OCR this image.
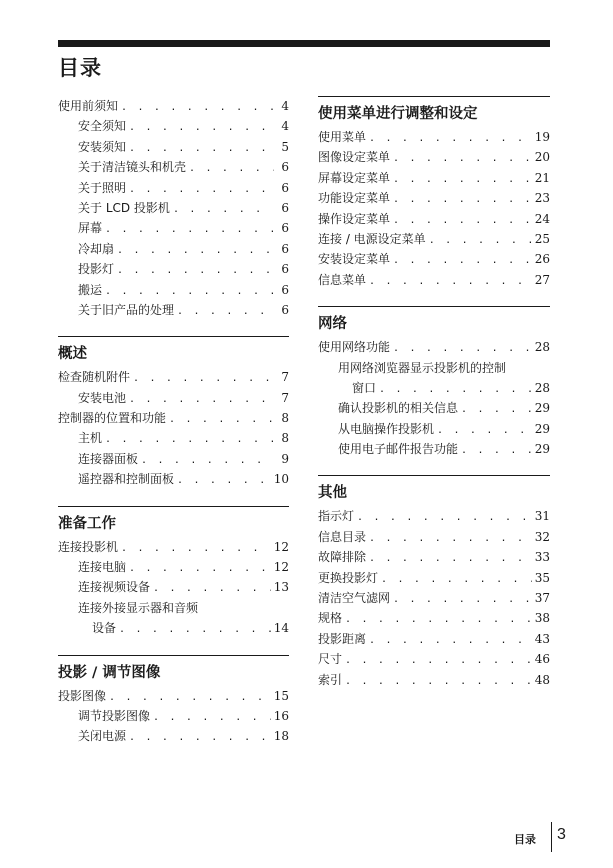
目录
使用前须知 . . .	4
安全须知 . . .	4
安装须知 . . .	5
关于清洁镜头和机壳 . . .	6
关于照明 . . .	6
关于 LCD 投影机 . . .	6
屏幕 . . .	6
冷却扇 . . .	6
投影灯 . . .	6
搬运 . . .	6
关于旧产品的处理 . . .	6
概述
检查随机附件 . . .	7
安装电池 . . .	7
控制器的位置和功能 . . .	8
主机 . . .	8
连接器面板 . . .	9
遥控器和控制面板 . . .	10
准备工作
连接投影机 . . .	12
连接电脑 . . .	12
连接视频设备 . . .	13
连接外接显示器和音频
设备 . . .	14
投影 / 调节图像
投影图像 . . .	15
调节投影图像 . . .	16
关闭电源 . . .	18
使用菜单进行调整和设定
使用菜单 . . .	19
图像设定菜单 . . .	20
屏幕设定菜单 . . .	21
功能设定菜单 . . .	23
操作设定菜单 . . .	24
连接 / 电源设定菜单 . . .	25
安装设定菜单 . . .	26
信息菜单 . . .	27
网络
使用网络功能 . . .	28
用网络浏览器显示投影机的控制
窗口 . . .	28
确认投影机的相关信息 . . .	29
从电脑操作投影机 . . .	29
使用电子邮件报告功能 . . .	29
其他
指示灯 . . .	31
信息目录 . . .	32
故障排除 . . .	33
更换投影灯 . . .	35
清洁空气滤网 . . .	37
规格 . . .	38
投影距离 . . .	43
尺寸 . . .	46
索引 . . .	48
目录 3
